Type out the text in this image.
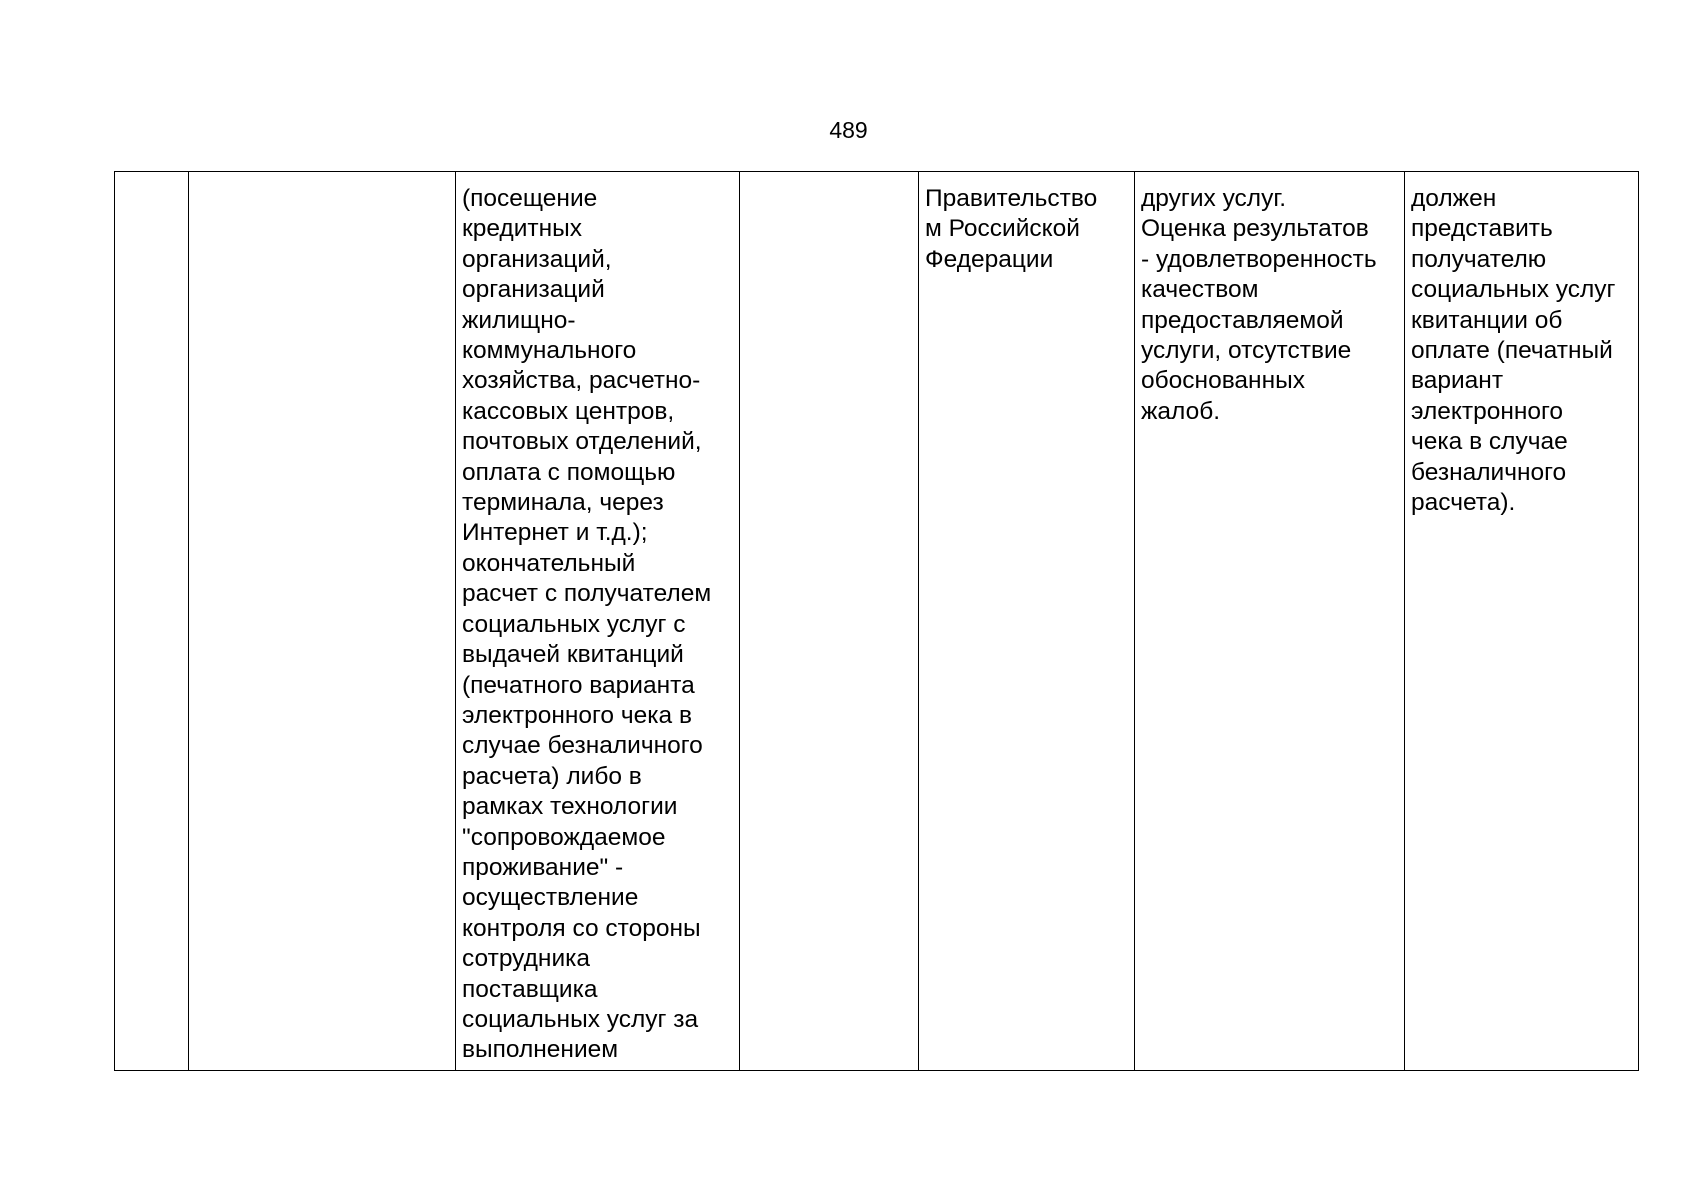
489
		(посещение
кредитных
организаций,
организаций
жилищно-
коммунального
хозяйства, расчетно-
кассовых центров,
почтовых отделений,
оплата с помощью
терминала, через
Интернет и т.д.);
окончательный
расчет с получателем
социальных услуг с
выдачей квитанций
(печатного варианта
электронного чека в
случае безналичного
расчета) либо в
рамках технологии
"сопровождаемое
проживание" -
осуществление
контроля со стороны
сотрудника
поставщика
социальных услуг за
выполнением		Правительство
м Российской
Федерации	других услуг.
Оценка результатов
- удовлетворенность
качеством
предоставляемой
услуги, отсутствие
обоснованных
жалоб.	должен
представить
получателю
социальных услуг
квитанции об
оплате (печатный
вариант
электронного
чека в случае
безналичного
расчета).
